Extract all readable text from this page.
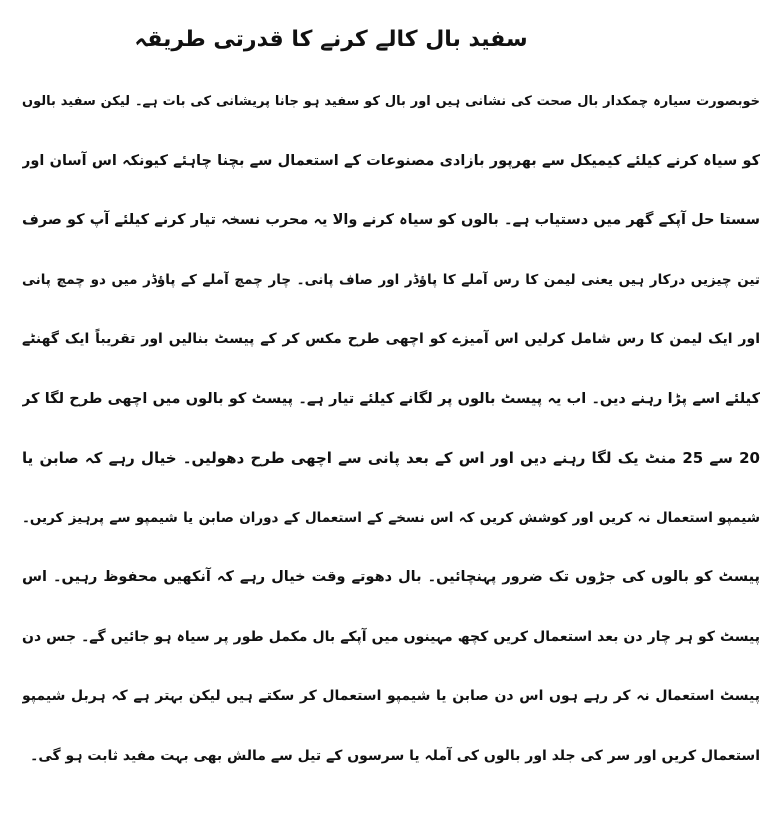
سفید بال کالے کرنے کا قدرتی طریقہ
خوبصورت سیارہ چمکدار بال صحت کی نشانی ہیں اور بال کو سفید ہو جانا پریشانی کی بات ہے۔ لیکن سفید بالوں
کو سیاہ کرنے کیلئے کیمیکل سے بھرپور بازادی مصنوعات کے استعمال سے بچنا چاہئے کیونکہ اس آسان اور
سستا حل آپکے گھر میں دستیاب ہے۔ بالوں کو سیاہ کرنے والا یہ محرب نسخہ تیار کرنے کیلئے آپ کو صرف
تین چیزیں درکار ہیں یعنی لیمن کا رس آملے کا پاؤڈر اور صاف پانی۔ چار چمچ آملے کے پاؤڈر میں دو چمچ پانی
اور ایک لیمن کا رس شامل کرلیں اس آمیزے کو اچھی طرح مکس کر کے پیسٹ بنالیں اور تقریباً ایک گھنٹے
کیلئے اسے پڑا رہنے دیں۔ اب یہ پیسٹ بالوں پر لگانے کیلئے تیار ہے۔ پیسٹ کو بالوں میں اچھی طرح لگا کر
20 سے 25 منٹ یک لگا رہنے دیں اور اس کے بعد پانی سے اچھی طرح دھولیں۔ خیال رہے کہ صابن یا
شیمپو استعمال نہ کریں اور کوشش کریں کہ اس نسخے کے استعمال کے دوران صابن یا شیمپو سے پرہیز کریں۔
پیسٹ کو بالوں کی جڑوں تک ضرور پہنچائیں۔ بال دھوتے وقت خیال رہے کہ آنکھیں محفوظ رہیں۔ اس
پیسٹ کو ہر چار دن بعد استعمال کریں کچھ مہینوں میں آپکے بال مکمل طور پر سیاہ ہو جائیں گے۔ جس دن
پیسٹ استعمال نہ کر رہے ہوں اس دن صابن یا شیمپو استعمال کر سکتے ہیں لیکن بہتر ہے کہ ہربل شیمپو
استعمال کریں اور سر کی جلد اور بالوں کی آملہ یا سرسوں کے تیل سے مالش بھی بہت مفید ثابت ہو گی۔
